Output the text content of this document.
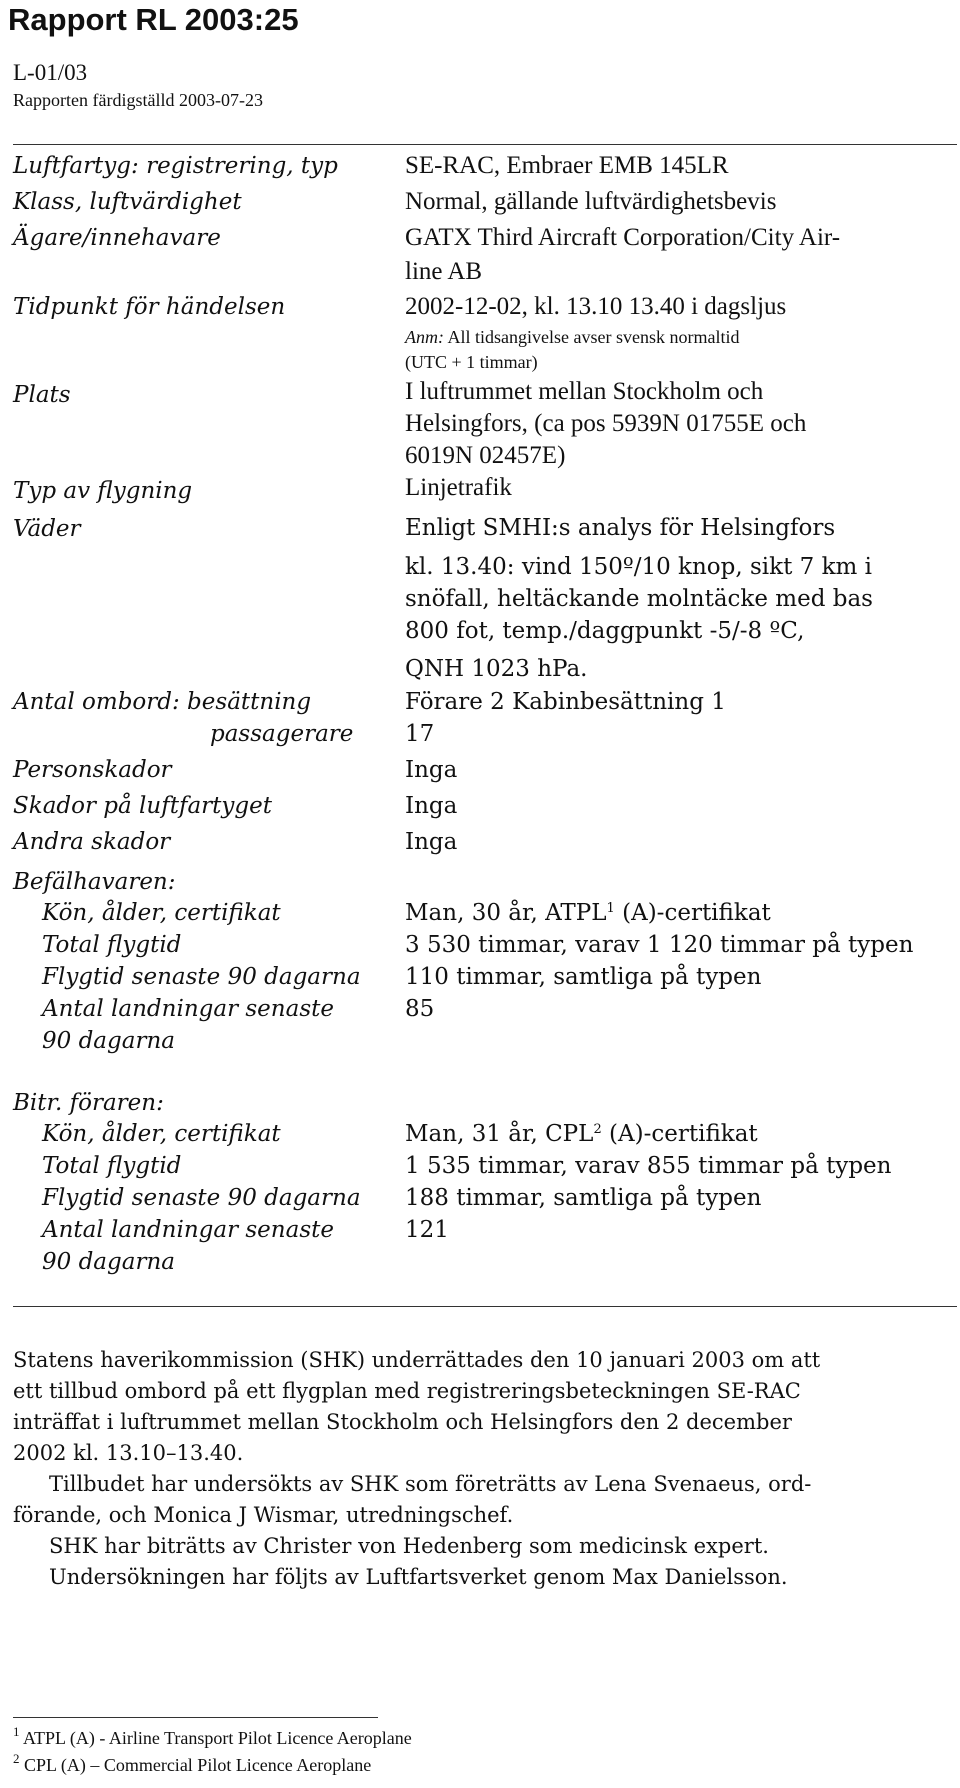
Rapport RL 2003:25
L-01/03
Rapporten färdigställd 2003-07-23
Luftfartyg: registrering, typ	SE-RAC, Embraer EMB 145LR
Klass, luftvärdighet	Normal, gällande luftvärdighetsbevis
Ägare/innehavare	GATX Third Aircraft Corporation/City Air-
line AB
Tidpunkt för händelsen	2002-12-02, kl. 13.10 13.40 i dagsljus
Anm: All tidsangivelse avser svensk normaltid
(UTC + 1 timmar)
Plats	I luftrummet mellan Stockholm och
Helsingfors, (ca pos 5939N 01755E och
6019N 02457E)
Typ av flygning	Linjetrafik
Väder	Enligt SMHI:s analys för Helsingfors
kl. 13.40: vind 150º/10 knop, sikt 7 km i
snöfall, heltäckande molntäcke med bas
800 fot, temp./daggpunkt -5/-8 ºC,
QNH 1023 hPa.
Antal ombord: besättning	Förare 2 Kabinbesättning 1
passagerare 17
Personskador	Inga
Skador på luftfartyget	Inga
Andra skador	Inga
Befälhavaren:
Kön, ålder, certifikat	Man, 30 år, ATPL$^1$ (A)-certifikat
Total flygtid	3 530 timmar, varav 1 120 timmar på typen
Flygtid senaste 90 dagarna 110 timmar, samtliga på typen
Antal landningar senaste	85
90 dagarna
Bitr. föraren:
Kön, ålder, certifikat	Man, 31 år, CPL$^2$ (A)-certifikat
Total flygtid	1 535 timmar, varav 855 timmar på typen
Flygtid senaste 90 dagarna 188 timmar, samtliga på typen
Antal landningar senaste	121
90 dagarna
Statens haverikommission (SHK) underrättades den 10 januari 2003 om att
ett tillbud ombord på ett flygplan med registreringsbeteckningen SE-RAC
inträffat i luftrummet mellan Stockholm och Helsingfors den 2 december
2002 kl. 13.10–13.40.
Tillbudet har undersökts av SHK som företrätts av Lena Svenaeus, ord-
förande, och Monica J Wismar, utredningschef.
SHK har biträtts av Christer von Hedenberg som medicinsk expert.
Undersökningen har följts av Luftfartsverket genom Max Danielsson.
$^1$ ATPL (A) - Airline Transport Pilot Licence Aeroplane
$^2$ CPL (A) – Commercial Pilot Licence Aeroplane
